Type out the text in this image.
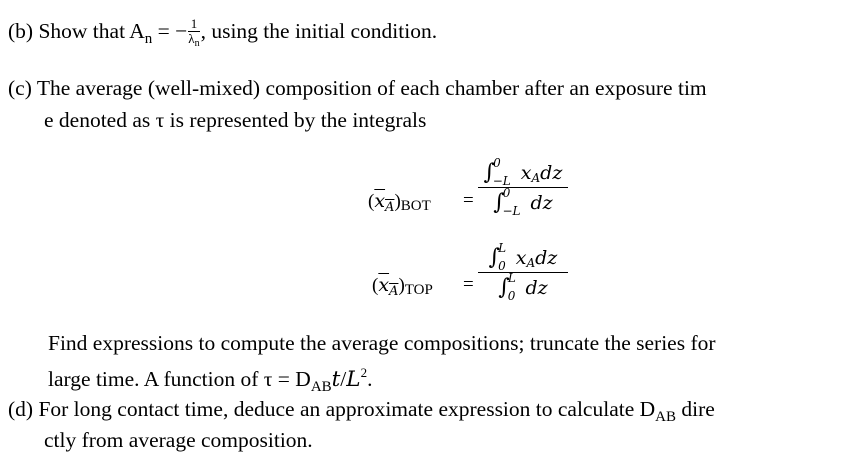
(b) Show that $A_n$ = − $\frac{1}{\lambda_n}$ , using the initial condition.
(c) The average (well-mixed) composition of each chamber after an exposure tim
e denoted as τ is represented by the integrals
$(\overline{x}_{\overline{A}})BOT$ =
∫$^0_{-L}$ xAdz
∫$^0_{-L}$ dz
$(\overline{x}_{\overline{A}})TOP$ =
∫$^L_0$ xAdz
∫$^L_0$ dz
Find expressions to compute the average compositions; truncate the series for
large time. A function of $\tau = D_{AB}t/L^2$.
(d) For long contact time, deduce an approximate expression to calculate $D_{AB}$ dire
ctly from average composition.
